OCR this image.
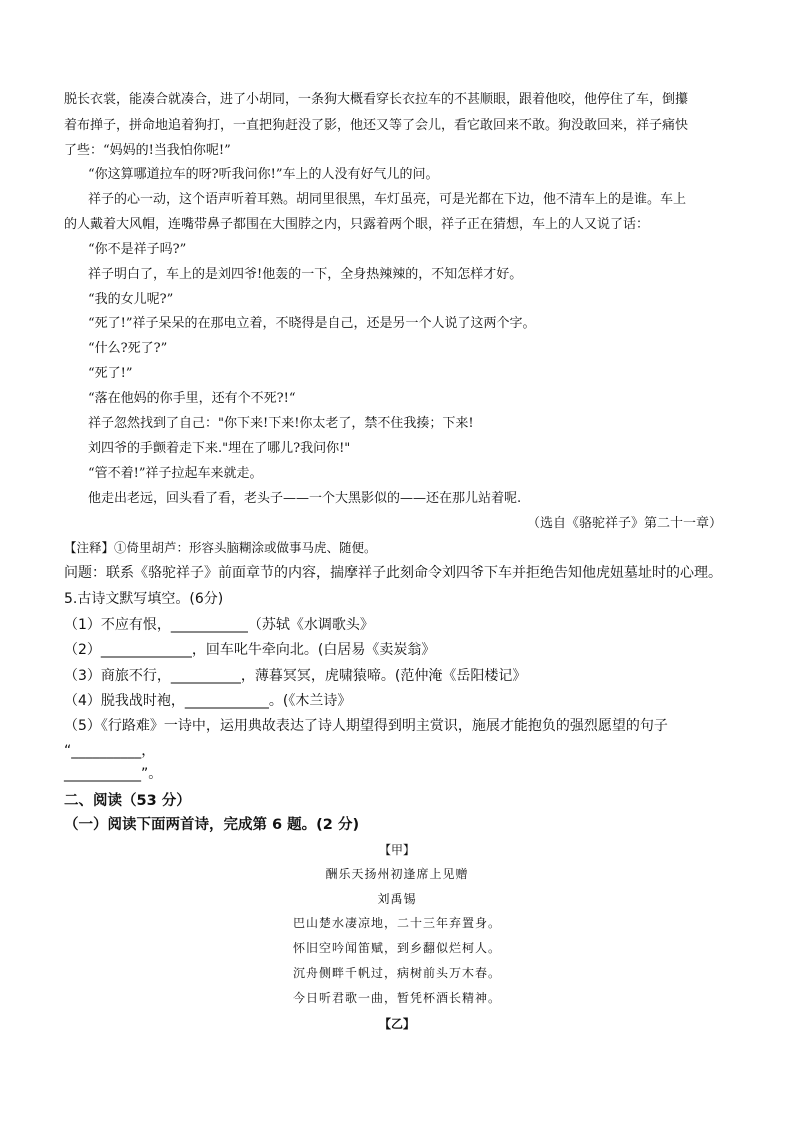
脱长衣裳，能凑合就凑合，进了小胡同，一条狗大概看穿长衣拉车的不甚顺眼，跟着他咬，他停住了车，倒攥
着布掸子，拼命地追着狗打，一直把狗赶没了影，他还又等了会儿，看它敢回来不敢。狗没敢回来，祥子痛快
了些：“妈妈的!当我怕你呢!”
“你这算哪道拉车的呀?听我问你!”车上的人没有好气儿的问。
祥子的心一动，这个语声听着耳熟。胡同里很黑，车灯虽亮，可是光都在下边，他不清车上的是谁。车上
的人戴着大风帽，连嘴带鼻子都围在大围脖之内，只露着两个眼，祥子正在猜想，车上的人又说了话：
“你不是祥子吗?”
祥子明白了，车上的是刘四爷!他轰的一下，全身热辣辣的，不知怎样才好。
“我的女儿呢?”
“死了!”祥子呆呆的在那电立着，不晓得是自己，还是另一个人说了这两个字。
“什么?死了?”
“死了!”
“落在他妈的你手里，还有个不死?!“
祥子忽然找到了自己："你下来!下来!你太老了，禁不住我揍；下来!
刘四爷的手颤着走下来."埋在了哪儿?我问你!"
“管不着!”祥子拉起车来就走。
他走出老远，回头看了看，老头子——一个大黑影似的——还在那儿站着呢.
（选自《骆驼祥子》第二十一章）
【注释】①倚里胡芦：形容头脑糊涂或做事马虎、随便。
问题：联系《骆驼祥子》前面章节的内容，揣摩祥子此刻命令刘四爷下车并拒绝告知他虎妞墓址时的心理。
5.古诗文默写填空。(6分)
（1）不应有恨，___________（苏轼《水调歌头》
（2）_____________，回车叱牛牵向北。(白居易《卖炭翁》
（3）商旅不行，__________，薄暮冥冥，虎啸猿啼。(范仲淹《岳阳楼记》
（4）脱我战时袍，____________。(《木兰诗》
（5）《行路难》一诗中，运用典故表达了诗人期望得到明主赏识，施展才能抱负的强烈愿望的句子
“__________，
___________”。
二、阅读（53 分）
（一）阅读下面两首诗，完成第 6 题。(2 分)
【甲】
酬乐天扬州初逢席上见赠
刘禹锡
巴山楚水凄凉地，二十三年弃置身。
怀旧空吟闻笛赋，到乡翻似烂柯人。
沉舟侧畔千帆过，病树前头万木春。
今日听君歌一曲，暂凭杯酒长精神。
【乙】
